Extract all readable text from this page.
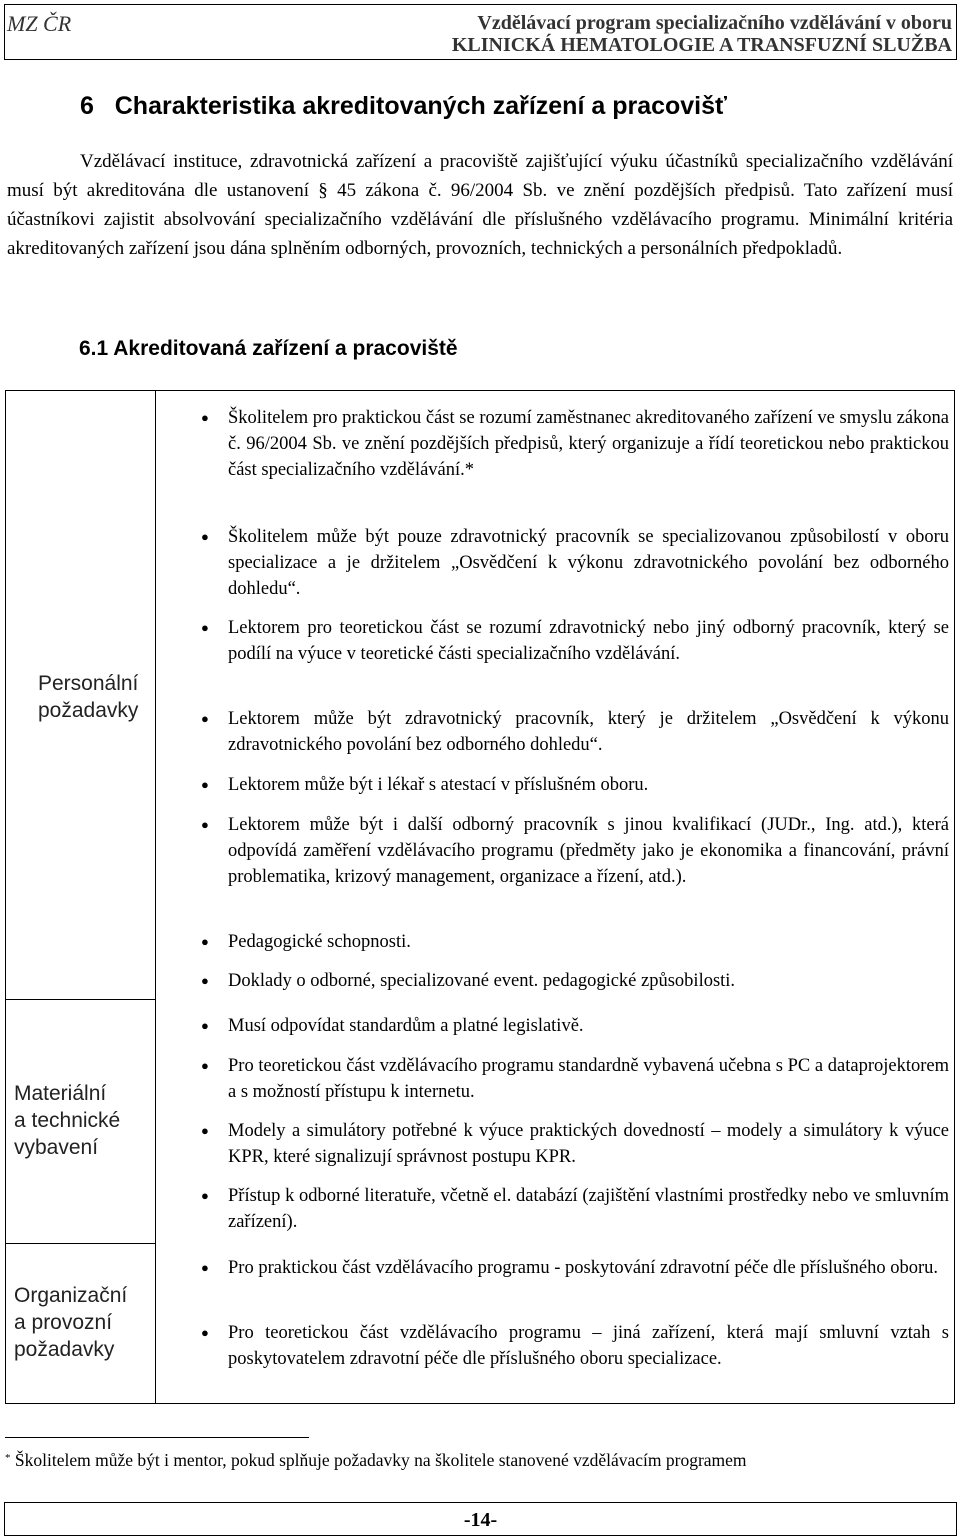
MZ ČR	Vzdělávací program specializačního vzdělávání v oboru
KLINICKÁ HEMATOLOGIE A TRANSFUZNÍ SLUŽBA
6   Charakteristika akreditovaných zařízení a pracovišť

Vzdělávací instituce, zdravotnická zařízení a pracoviště zajišťující výuku účastníků specializačního vzdělávání musí být akreditována dle ustanovení § 45 zákona č. 96/2004 Sb. ve znění pozdějších předpisů. Tato zařízení musí účastníkovi zajistit absolvování specializačního vzdělávání dle příslušného vzdělávacího programu. Minimální kritéria akreditovaných zařízení jsou dána splněním odborných, provozních, technických a personálních předpokladů.

6.1 Akreditovaná zařízení a pracoviště
Personální
požadavky
Materiální
a technické
vybavení
Organizační
a provozní
požadavky
● Školitelem pro praktickou část se rozumí zaměstnanec akreditovaného zařízení ve smyslu zákona č. 96/2004 Sb. ve znění pozdějších předpisů, který organizuje a řídí teoretickou nebo praktickou část specializačního vzdělávání.*
● Školitelem může být pouze zdravotnický pracovník se specializovanou způsobilostí v oboru specializace a je držitelem „Osvědčení k výkonu zdravotnického povolání bez odborného dohledu“.
● Lektorem pro teoretickou část se rozumí zdravotnický nebo jiný odborný pracovník, který se podílí na výuce v teoretické části specializačního vzdělávání.
● Lektorem může být zdravotnický pracovník, který je držitelem „Osvědčení k výkonu zdravotnického povolání bez odborného dohledu“.
● Lektorem může být i lékař s atestací v příslušném oboru.
● Lektorem může být i další odborný pracovník s jinou kvalifikací (JUDr., Ing. atd.), která odpovídá zaměření vzdělávacího programu (předměty jako je ekonomika a financování, právní problematika, krizový management, organizace a řízení, atd.).
● Pedagogické schopnosti.
● Doklady o odborné, specializované event. pedagogické způsobilosti.
● Musí odpovídat standardům a platné legislativě.
● Pro teoretickou část vzdělávacího programu standardně vybavená učebna s PC a dataprojektorem a s možností přístupu k internetu.
● Modely a simulátory potřebné k výuce praktických dovedností – modely a simulátory k výuce KPR, které signalizují správnost postupu KPR.
● Přístup k odborné literatuře, včetně el. databází (zajištění vlastními prostředky nebo ve smluvním zařízení).
● Pro praktickou část vzdělávacího programu - poskytování zdravotní péče dle příslušného oboru.
● Pro teoretickou část vzdělávacího programu – jiná zařízení, která mají smluvní vztah s poskytovatelem zdravotní péče dle příslušného oboru specializace.
* Školitelem může být i mentor, pokud splňuje požadavky na školitele stanovené vzdělávacím programem
-14-
